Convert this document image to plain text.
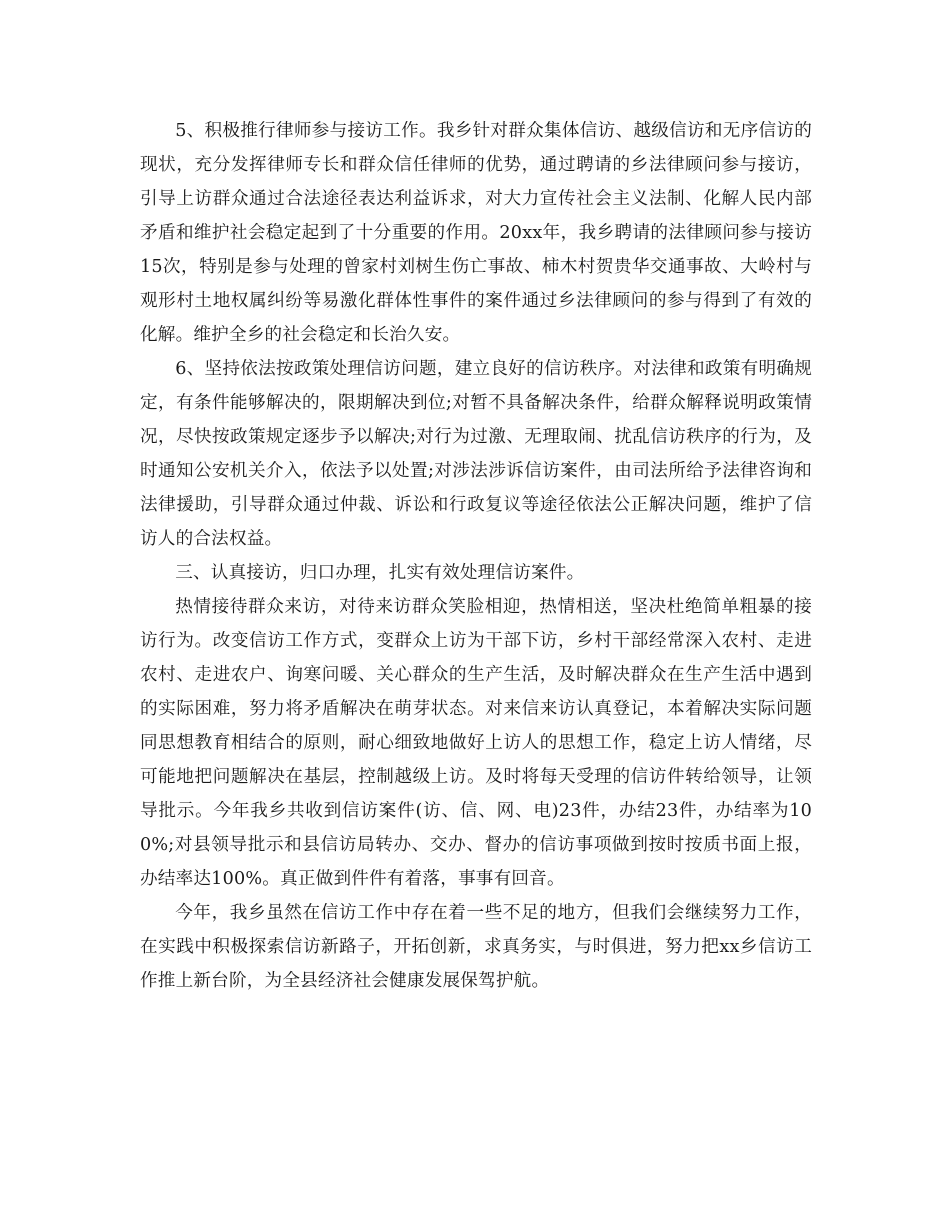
5、积极推行律师参与接访工作。我乡针对群众集体信访、越级信访和无序信访的现状，充分发挥律师专长和群众信任律师的优势，通过聘请的乡法律顾问参与接访，引导上访群众通过合法途径表达利益诉求，对大力宣传社会主义法制、化解人民内部矛盾和维护社会稳定起到了十分重要的作用。20xx年，我乡聘请的法律顾问参与接访15次，特别是参与处理的曾家村刘树生伤亡事故、柿木村贺贵华交通事故、大岭村与观形村土地权属纠纷等易激化群体性事件的案件通过乡法律顾问的参与得到了有效的化解。维护全乡的社会稳定和长治久安。

6、坚持依法按政策处理信访问题，建立良好的信访秩序。对法律和政策有明确规定，有条件能够解决的，限期解决到位;对暂不具备解决条件，给群众解释说明政策情况，尽快按政策规定逐步予以解决;对行为过激、无理取闹、扰乱信访秩序的行为，及时通知公安机关介入，依法予以处置;对涉法涉诉信访案件，由司法所给予法律咨询和法律援助，引导群众通过仲裁、诉讼和行政复议等途径依法公正解决问题，维护了信访人的合法权益。

三、认真接访，归口办理，扎实有效处理信访案件。

热情接待群众来访，对待来访群众笑脸相迎，热情相送，坚决杜绝简单粗暴的接访行为。改变信访工作方式，变群众上访为干部下访，乡村干部经常深入农村、走进农村、走进农户、询寒问暖、关心群众的生产生活，及时解决群众在生产生活中遇到的实际困难，努力将矛盾解决在萌芽状态。对来信来访认真登记，本着解决实际问题同思想教育相结合的原则，耐心细致地做好上访人的思想工作，稳定上访人情绪，尽可能地把问题解决在基层，控制越级上访。及时将每天受理的信访件转给领导，让领导批示。今年我乡共收到信访案件(访、信、网、电)23件，办结23件，办结率为100%;对县领导批示和县信访局转办、交办、督办的信访事项做到按时按质书面上报，办结率达100%。真正做到件件有着落，事事有回音。

今年，我乡虽然在信访工作中存在着一些不足的地方，但我们会继续努力工作，在实践中积极探索信访新路子，开拓创新，求真务实，与时俱进，努力把xx乡信访工作推上新台阶，为全县经济社会健康发展保驾护航。
